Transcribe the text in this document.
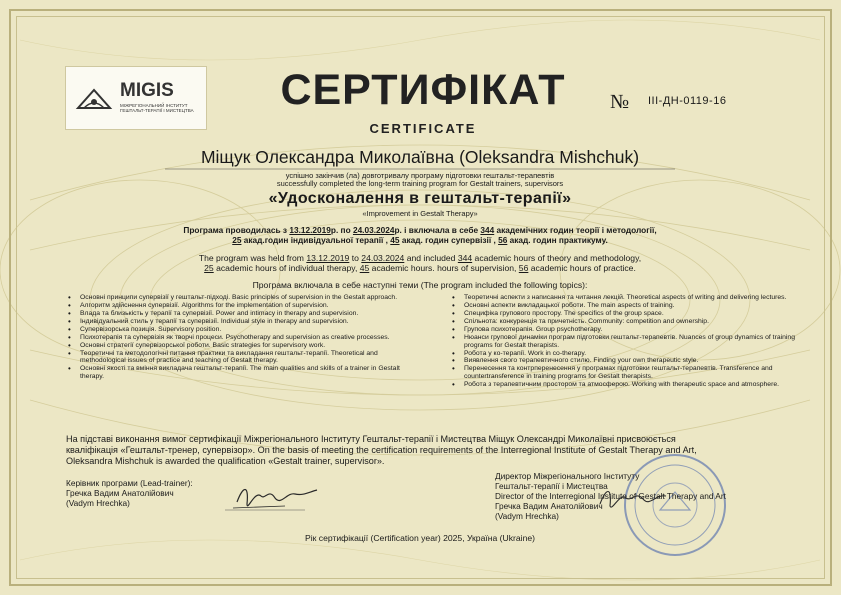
MIGIS
МІЖРЕГІОНАЛЬНИЙ ІНСТИТУТ ГЕШТАЛЬТ-ТЕРАПІЇ І МИСТЕЦТВА	СЕРТИФІКАТ
CERTIFICATE
№ ІІІ-ДН-0119-16
Міщук Олександра Миколаївна (Oleksandra Mishchuk)
успішно закінчив (ла) довготривалу програму підготовки гештальт-терапевтів
successfully completed the long-term training program for Gestalt trainers, supervisors
«Удосконалення в гештальт-терапії»
«Improvement in Gestalt Therapy»
Програма проводилась з 13.12.2019р. по 24.03.2024р. і включала в себе 344 академічних годин теорії і методології,
25 акад.годин індивідуальної терапії , 45 акад. годин супервізії , 56 акад. годин практикуму.
The program was held from 13.12.2019 to 24.03.2024 and included 344 academic hours of theory and methodology,
25 academic hours of individual therapy, 45 academic hours. hours of supervision, 56 academic hours of practice.
Програма включала в себе наступні теми (The program included the following topics):
• Основні принципи супервізії у гештальт-підході. Basic principles of supervision in the Gestalt approach.
• Алгоритм здійснення супервізії. Algorithms for the implementation of supervision.
• Влада та близькість у терапії та супервізії. Power and intimacy in therapy and supervision.
• Індивідуальний стиль у терапії та супервізії. Individual style in therapy and supervision.
• Супервізорська позиція. Supervisory position.
• Психотерапія та супервізія як творчі процеси. Psychotherapy and supervision as creative processes.
• Основні стратегії супервізорської роботи. Basic strategies for supervisory work.
• Теоретичні та методологічні питання практики та викладання гештальт-терапії. Theoretical and methodological issues of practice and teaching of Gestalt therapy.
• Основні якості та вміння викладача гештальт-терапії. The main qualities and skills of a trainer in Gestalt therapy.
• Теоретичні аспекти з написання та читання лекцій. Theoretical aspects of writing and delivering lectures.
• Основні аспекти викладацької роботи. The main aspects of training.
• Специфіка групового простору. The specifics of the group space.
• Спільнота: конкуренція та причетність. Community: competition and ownership.
• Групова психотерапія. Group psychotherapy.
• Нюанси групової динаміки програм підготовки гештальт-терапевтів. Nuances of group dynamics of training programs for Gestalt therapists.
• Робота у ко-терапії. Work in co-therapy.
• Виявлення свого терапевтичного стилю. Finding your own therapeutic style.
• Перенесення та контрперенесення у програмах підготовки гештальт-терапевтів. Transference and countertransference in training programs for Gestalt therapists.
• Робота з терапевтичним простором та атмосферою. Working with therapeutic space and atmosphere.
На підставі виконання вимог сертифікації Міжрегіонального Інституту Гештальт-терапії і Мистецтва Міщук Олександрі Миколаївні присвоюється
кваліфікація «Гештальт-тренер, супервізор». On the basis of meeting the certification requirements of the Interregional Institute of Gestalt Therapy and Art,
Oleksandra Mishchuk is awarded the qualification «Gestalt trainer, supervisor».
Керівник програми (Lead-trainer):
Гречка Вадим Анатолійович
(Vadym Hrechka)
Директор Міжрегіонального Інституту
Гештальт-терапії і Мистецтва
Director of the Interregional Institute of Gestalt Therapy and Art
Гречка Вадим Анатолійович
(Vadym Hrechka)
Рік сертифікації (Certification year) 2025, Україна (Ukraine)
